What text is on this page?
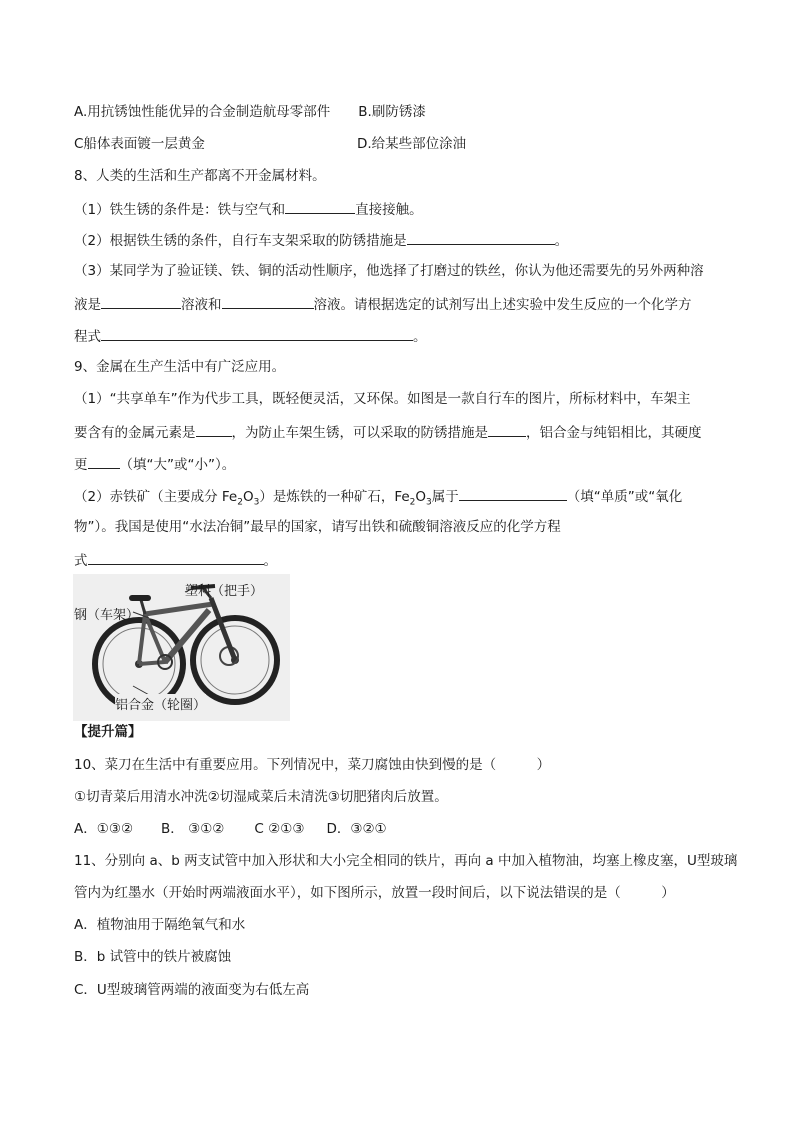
A.用抗锈蚀性能优异的合金制造航母零部件 B.刷防锈漆
C船体表面镀一层黄金	D.给某些部位涂油
8、人类的生活和生产都离不开金属材料。
（1）铁生锈的条件是：铁与空气和	直接接触。
（2）根据铁生锈的条件，自行车支架采取的防锈措施是	。
（3）某同学为了验证镁、铁、铜的活动性顺序，他选择了打磨过的铁丝，你认为他还需要先的另外两种溶
液是	溶液和	溶液。请根据选定的试剂写出上述实验中发生反应的一个化学方
程式	。
9、金属在生产生活中有广泛应用。
（1）“共享单车”作为代步工具，既轻便灵活，又环保。如图是一款自行车的图片，所标材料中，车架主
要含有的金属元素是	，为防止车架生锈，可以采取的防锈措施是	，铝合金与纯铝相比，其硬度
更 （填“大”或“小”）。
（2）赤铁矿（主要成分 $Fe_2O_3$）是炼铁的一种矿石，$Fe_2O_3$属于	（填“单质”或“氧化
物”）。我国是使用“水法冶铜”最早的国家，请写出铁和硫酸铜溶液反应的化学方程
式	。
塑料（把手）
钢（车架）
铝合金（轮圈）
【提升篇】
10、菜刀在生活中有重要应用。下列情况中，菜刀腐蚀由快到慢的是（　　　）
①切青菜后用清水冲洗②切湿咸菜后未清洗③切肥猪肉后放置。
A．①③② B． ③①② C ②①③ D．③②①
11、分别向 a、b 两支试管中加入形状和大小完全相同的铁片，再向 a 中加入植物油，均塞上橡皮塞，U型玻璃
管内为红墨水（开始时两端液面水平），如下图所示，放置一段时间后，以下说法错误的是（　　　）
A．植物油用于隔绝氧气和水
B．b 试管中的铁片被腐蚀
C．U型玻璃管两端的液面变为右低左高
